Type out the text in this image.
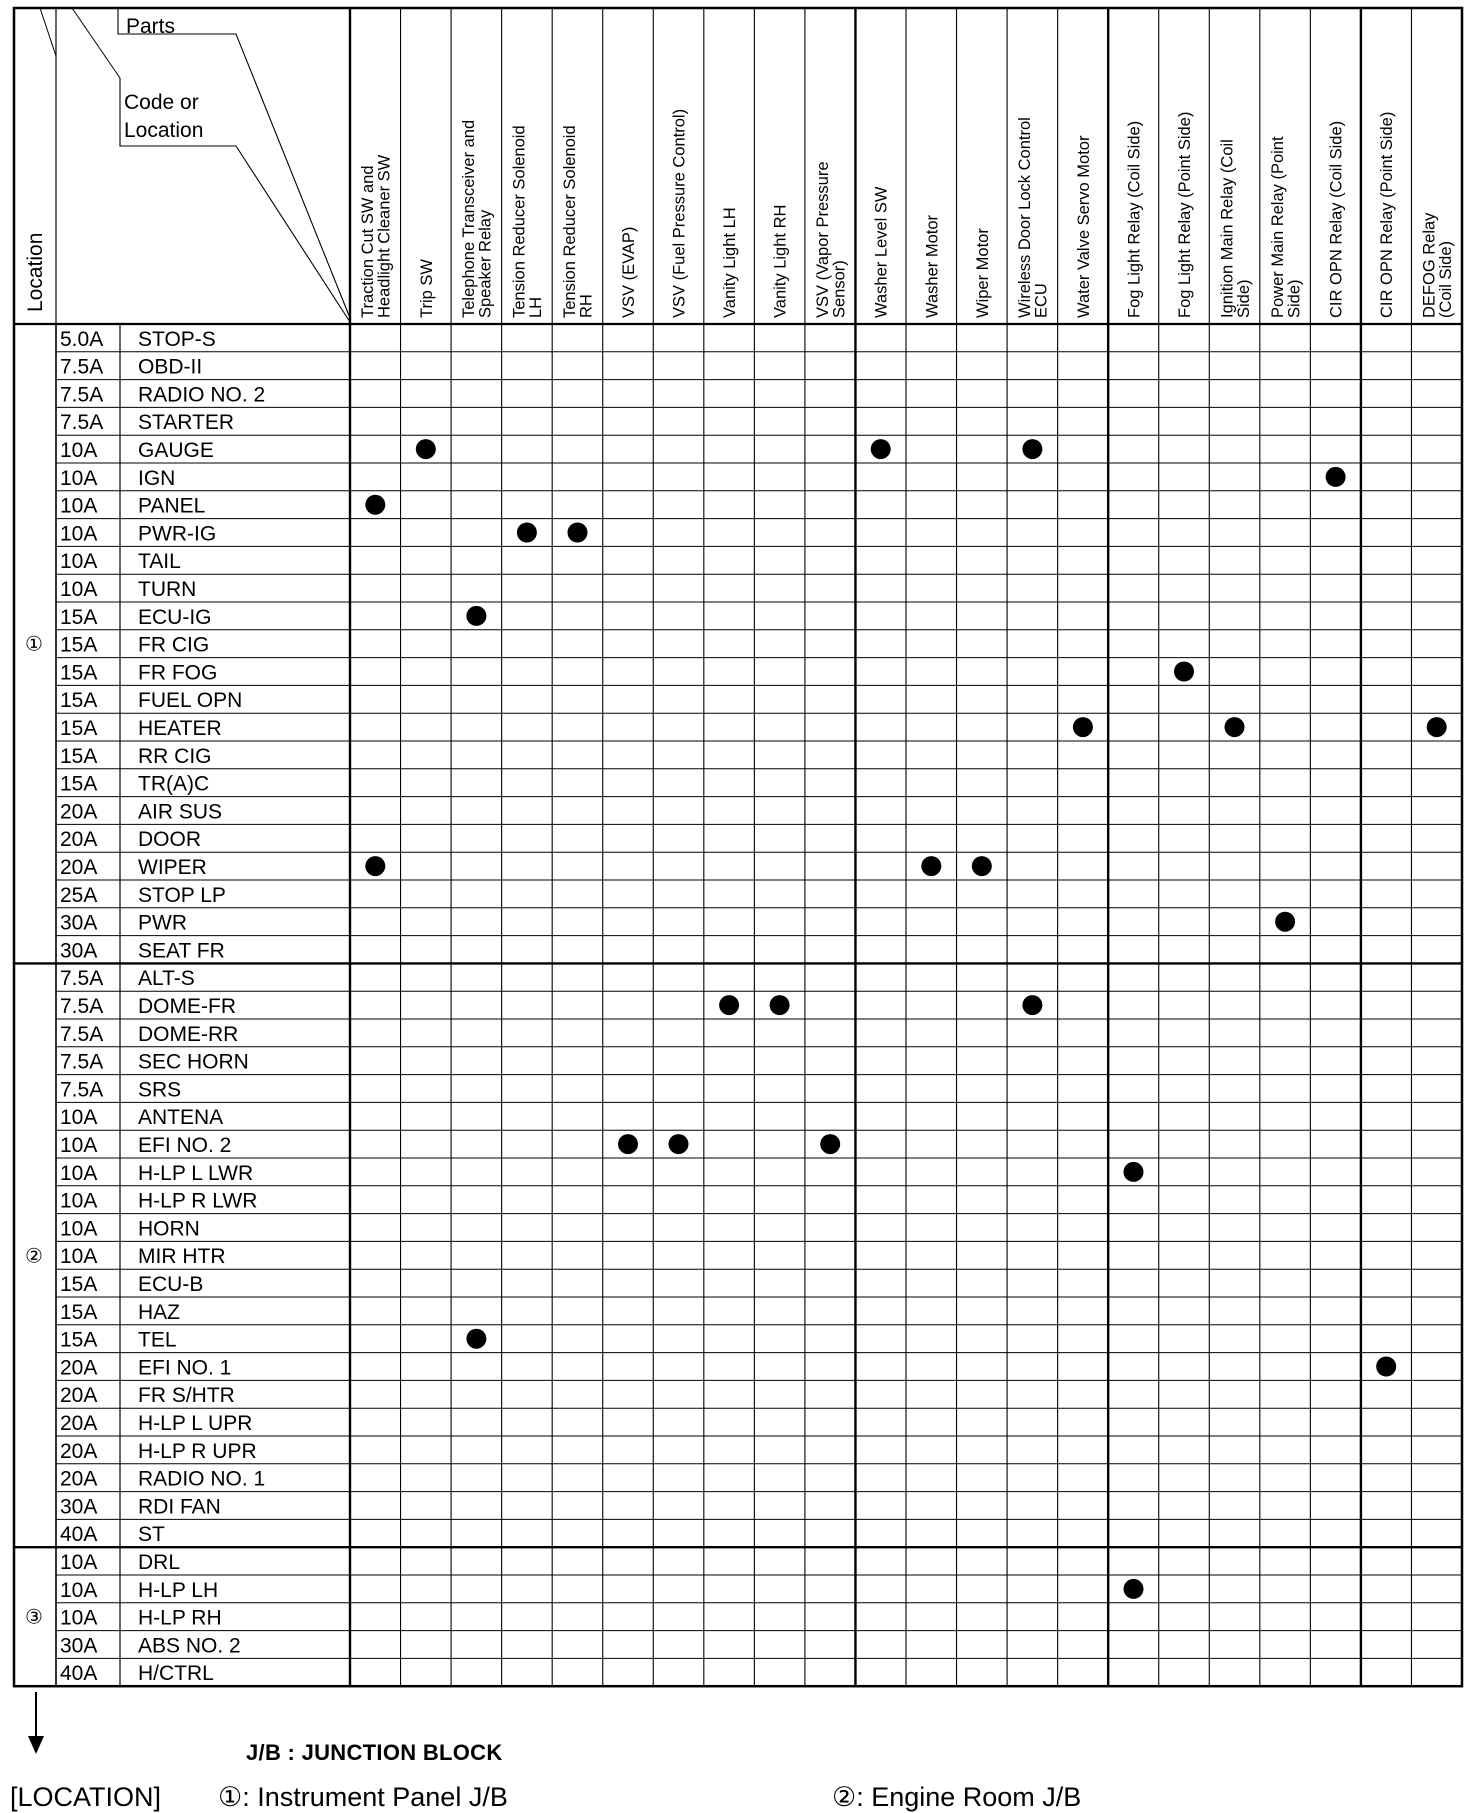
Parts
Code or
Location
Location	Traction Cut SW and
Headlight Cleaner SW Trip SW Telephone Transceiver and
Speaker Relay Tension Reducer Solenoid
LH Tension Reducer Solenoid
RH VSV (EVAP) VSV (Fuel Pressure Control) Vanity Light LH Vanity Light RH VSV (Vapor Pressure
Sensor) Washer Level SW Washer Motor Wiper Motor Wireless Door Lock Control
ECU Water Valve Servo Motor Fog Light Relay (Coil Side) Fog Light Relay (Point Side) Ignition Main Relay (Coil
Side) Power Main Relay (Point
Side) CIR OPN Relay (Coil Side) CIR OPN Relay (Point Side) DEFOG Relay
(Coil Side)
5.0A STOP-S
7.5A OBD-II
7.5A RADIO NO. 2
7.5A STARTER
10A GAUGE
10A IGN
10A PANEL
10A PWR-IG
10A TAIL
10A TURN
15A ECU-IG
15A FR CIG
15A FR FOG
15A FUEL OPN
15A HEATER
15A RR CIG
15A TR(A)C
20A AIR SUS
20A DOOR
20A WIPER
25A STOP LP
30A PWR
30A SEAT FR
7.5A ALT-S
7.5A DOME-FR
7.5A DOME-RR
7.5A SEC HORN
7.5A SRS
10A ANTENA
10A EFI NO. 2
10A H-LP L LWR
10A H-LP R LWR
10A HORN
10A MIR HTR
15A ECU-B
15A HAZ
15A TEL
20A EFI NO. 1
20A FR S/HTR
20A H-LP L UPR
20A H-LP R UPR
20A RADIO NO. 1
30A RDI FAN
40A ST
10A DRL
10A H-LP LH
10A H-LP RH
30A ABS NO. 2
40A H/CTRL
①
②
③
J/B : JUNCTION BLOCK
[LOCATION] ①: Instrument Panel J/B	②: Engine Room J/B
